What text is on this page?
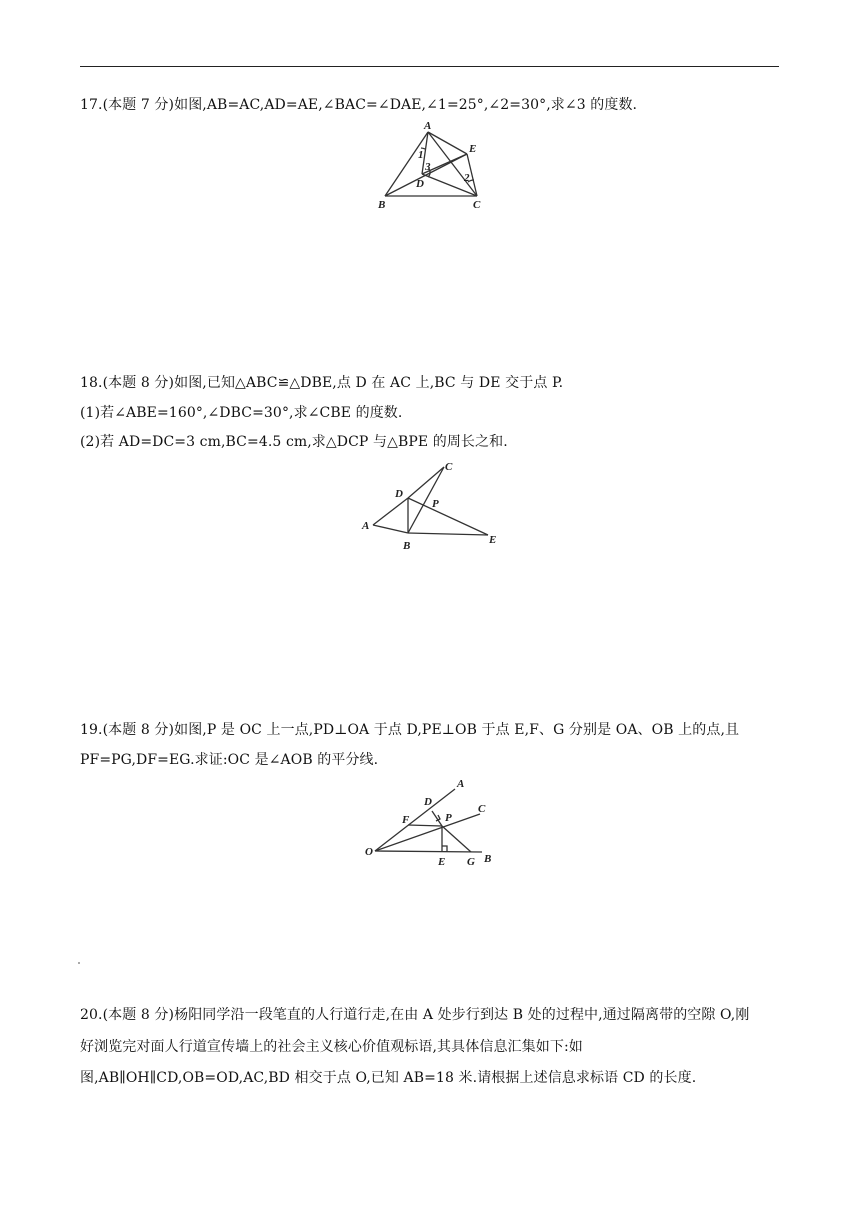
17.(本题 7 分)如图,AB=AC,AD=AE,∠BAC=∠DAE,∠1=25°,∠2=30°,求∠3 的度数.
A
B	C
D
E
1
3
2
18.(本题 8 分)如图,已知△ABC≌△DBE,点 D 在 AC 上,BC 与 DE 交于点 P.
(1)若∠ABE=160°,∠DBC=30°,求∠CBE 的度数.
(2)若 AD=DC=3 cm,BC=4.5 cm,求△DCP 与△BPE 的周长之和.
C
D
P
A
B	E
19.(本题 8 分)如图,P 是 OC 上一点,PD⊥OA 于点 D,PE⊥OB 于点 E,F、G 分别是 OA、OB 上的点,且
PF=PG,DF=EG.求证:OC 是∠AOB 的平分线.
A
C
D
F	P
O
E G B
20.(本题 8 分)杨阳同学沿一段笔直的人行道行走,在由 A 处步行到达 B 处的过程中,通过隔离带的空隙 O,刚
好浏览完对面人行道宣传墙上的社会主义核心价值观标语,其具体信息汇集如下:如
图,AB∥OH∥CD,OB=OD,AC,BD 相交于点 O,已知 AB=18 米.请根据上述信息求标语 CD 的长度.
